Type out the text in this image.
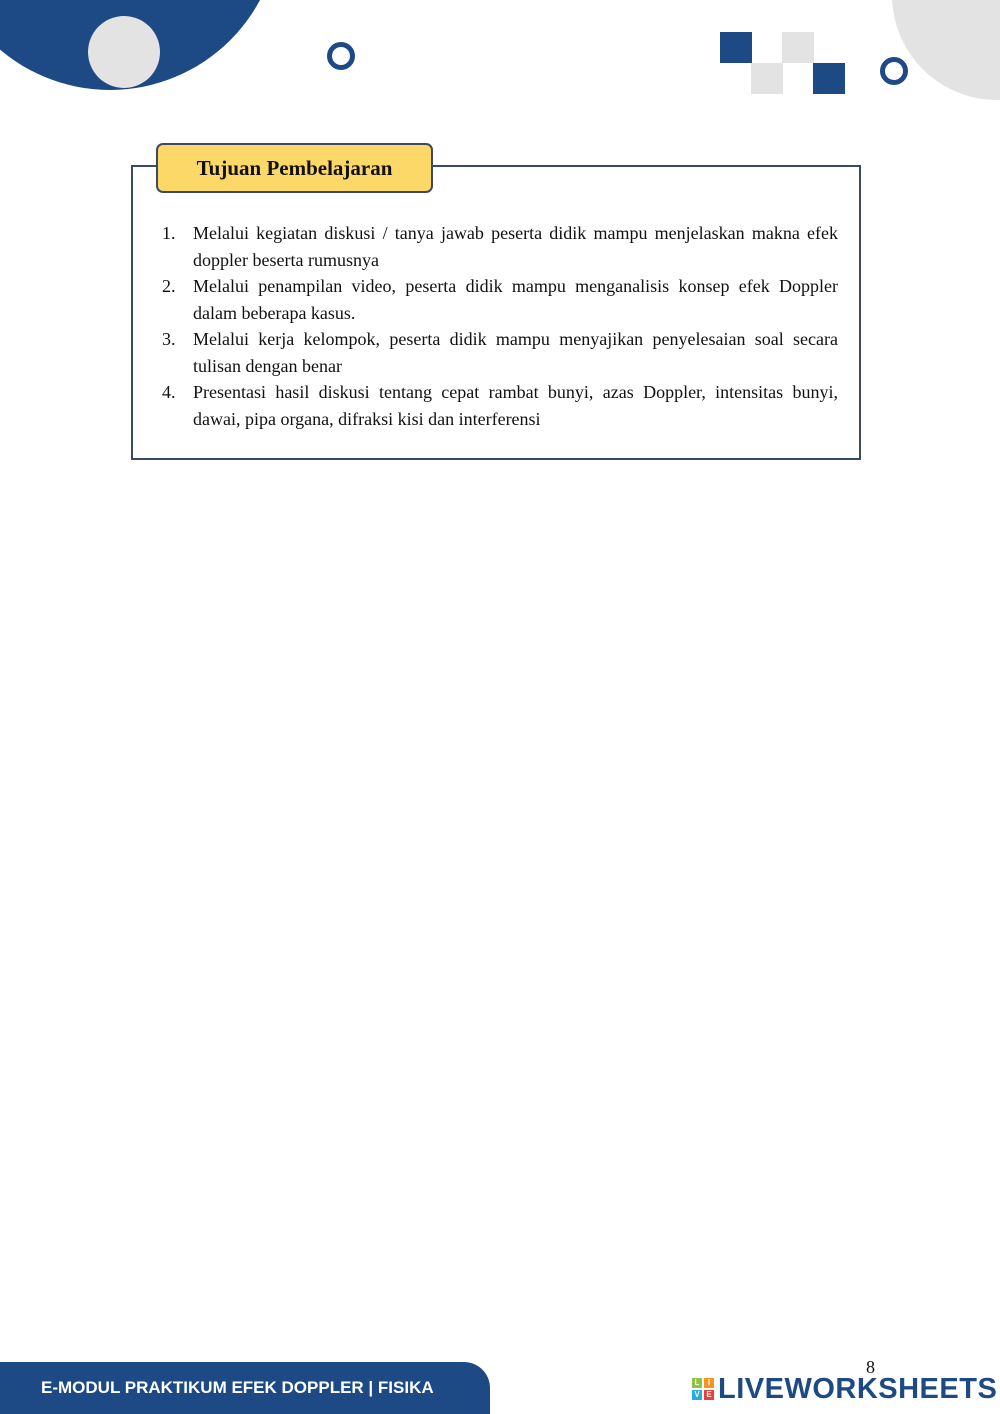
Tujuan Pembelajaran
1. Melalui kegiatan diskusi / tanya jawab peserta didik mampu menjelaskan makna efek doppler beserta rumusnya
2. Melalui penampilan video, peserta didik mampu menganalisis konsep efek Doppler dalam beberapa kasus.
3. Melalui kerja kelompok, peserta didik mampu menyajikan penyelesaian soal secara tulisan dengan benar
4. Presentasi hasil diskusi tentang cepat rambat bunyi, azas Doppler, intensitas bunyi, dawai, pipa organa, difraksi kisi dan interferensi
8
E-MODUL PRAKTIKUM EFEK DOPPLER | FISIKA	L	I
V E LIVEWORKSHEETS
